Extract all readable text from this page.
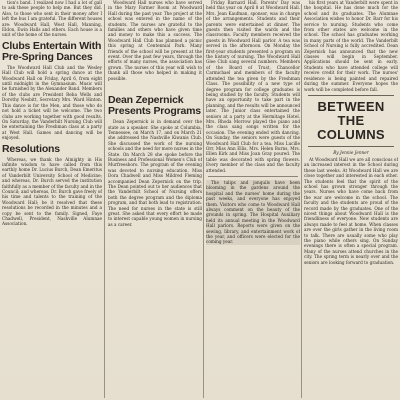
tion's band. I realized now I had a lot of gall to ask these people to help me. But they did. Also, to those who sent in their money after I left the bus I am grateful. The different houses are: Woodward Hall, West Hall, Manning, Eldon, Ewin Halls and others. Each house is a unit of the home of the nurses.

Clubs Entertain With Pre-Spring Dances

The Woodward Hall Club and the Wesley Hall Club will hold a spring dance at the Woodward Hall on Friday, April 6, from eight until midnight in the Gymnasium. Music will be furnished by the Alexander Band. Members of the clubs are President Reba Wells and Dorothy Nesbitt, Secretary Mrs. Ward Hinton. This dance is for the Men, and those who do not hold a ticket will be welcome. The two clubs are working together with good results. On Saturday, the Vanderbilt Nursing Club will be entertaining the Freshman class at a party at West Hall. Games and dancing will be enjoyed.

Resolutions

Whereas, we thank the Almighty in His infinite wisdom to have called from this earthly home Dr. Lucius Burch, Dean Emeritus of Vanderbilt University School of Medicine; and whereas, Dr. Burch served the institution faithfully as a member of the faculty and in the Council; and whereas, Dr. Burch gave freely of his time and talents to the training of the Woodward Hall; be it resolved that these resolutions be recorded in the minutes and a copy be sent to the family. Signed, Faye Chadwell, President, Nashville Alumnae Association.

Woodward Hall nurses who have served in the Mary Farmer Room at Woodward Hall during the past year. The project at the school was entered in the name of the students. The nurses are grateful to the families and others who have given time and money to make this a success. The Woodward Hall Club has planned a picnic this spring at Centennial Park. Many friends of the school will be present at the event. Over the past few years, through the efforts of many nurses, the association has grown. The nurses of this year will wish to thank all those who helped in making it possible.

Dean Zepernick Presents Programs

Dean Zepernick is in demand over the state as a speaker. She spoke at Columbia, Tennessee, on March 17, and on March 21 she addressed the Nashville Kiwanis Club. She discussed the work of the nursing schools and the need for more nurses in the State. On March 28 she spoke before the Business and Professional Women's Club of Murfreesboro. The program of the evening was devoted to nursing education. Miss Dora Chadwell and Miss Mildred Fleming accompanied Dean Zepernick on the trip. The Dean pointed out to her audiences that the Vanderbilt School of Nursing offers both the degree program and the diploma program, and that both lead to registration. The need for nurses in the state is still great. She asked that every effort be made to interest capable young women in nursing as a career.

Friday Barnard Hall. Parents' Day was held this year on April 8 at Woodward Hall. Mrs. Jean Kaufman, sponsor, was in charge of the arrangements. Students and their parents were entertained at dinner. The guests then visited the wards and the classrooms. Faculty members received the guests in Woodward Hall parlor. A tea was served in the afternoon. On Monday the first-year students presented a program on the history of nursing. The Woodward Hall Glee Club sang several numbers. Members of the Board of Trust, Chancellor Carmichael and members of the faculty attended the tea given by the Freshman Class. The possibility of a new type of degree program for college graduates is being studied by the faculty. Students will have an opportunity to take part in the planning, and the results will be announced later. The Junior class entertained the seniors at a party at the Hermitage Hotel. Mrs. Rhoda Morrow played the piano and the class sang songs written for the occasion. The evening ended with dancing. On Sunday, the seniors were guests of the Woodward Hall Club for a tea. Miss Lucille Orr, Miss Ann Ellis, Mrs. Helen Burns, Mrs. Ellen Kirk and Miss Joan Gray poured. The table was decorated with spring flowers. Every member of the class and the faculty attended.

The tulips and jonquils have been blooming in the gardens around the hospital and the nurses' home during the past weeks, and everyone has enjoyed them. Visitors who come to Woodward Hall always comment on the beauty of the grounds in spring. The Hospital Auxiliary held its annual meeting in the Woodward Hall parlors. Reports were given on the sewing, library, and entertainment work of the year, and officers were elected for the coming year.

his first years at Vanderbilt were spent in the hospital. He has done much for the school and its graduates. The Alumnae Association wishes to honor Dr. Barr for his service to nursing. Students who come from other states are welcome in the school. The school has graduates working in many parts of the world. The Vanderbilt School of Nursing is fully accredited. Dean Zepernick has announced that the new classes will begin in September. Applications should be sent in early. Students who have attended college will receive credit for their work. The nurses' residence is being painted and repaired during the summer. Everyone hopes the work will be completed before fall.

BETWEEN THE COLUMNS
By Jennie Jenner

At Woodward Hall we are all conscious of an increased interest in the School during these last weeks. At Woodward Hall we are close together and interested in each other. The students feel that the spirit of the school has grown stronger through the years. Nurses who have come back from the war are welcome in the school. The faculty and the students are proud of the record made by the graduates. One of the nicest things about Woodward Hall is the friendliness of everyone. New students are always made to feel at home. When classes are over the girls gather in the living room to talk. There are usually some who play the piano while others sing. On Sunday evenings there is often a special program. Many of the nurses attend churches in the city. The spring term is nearly over and the seniors are looking forward to graduation.
